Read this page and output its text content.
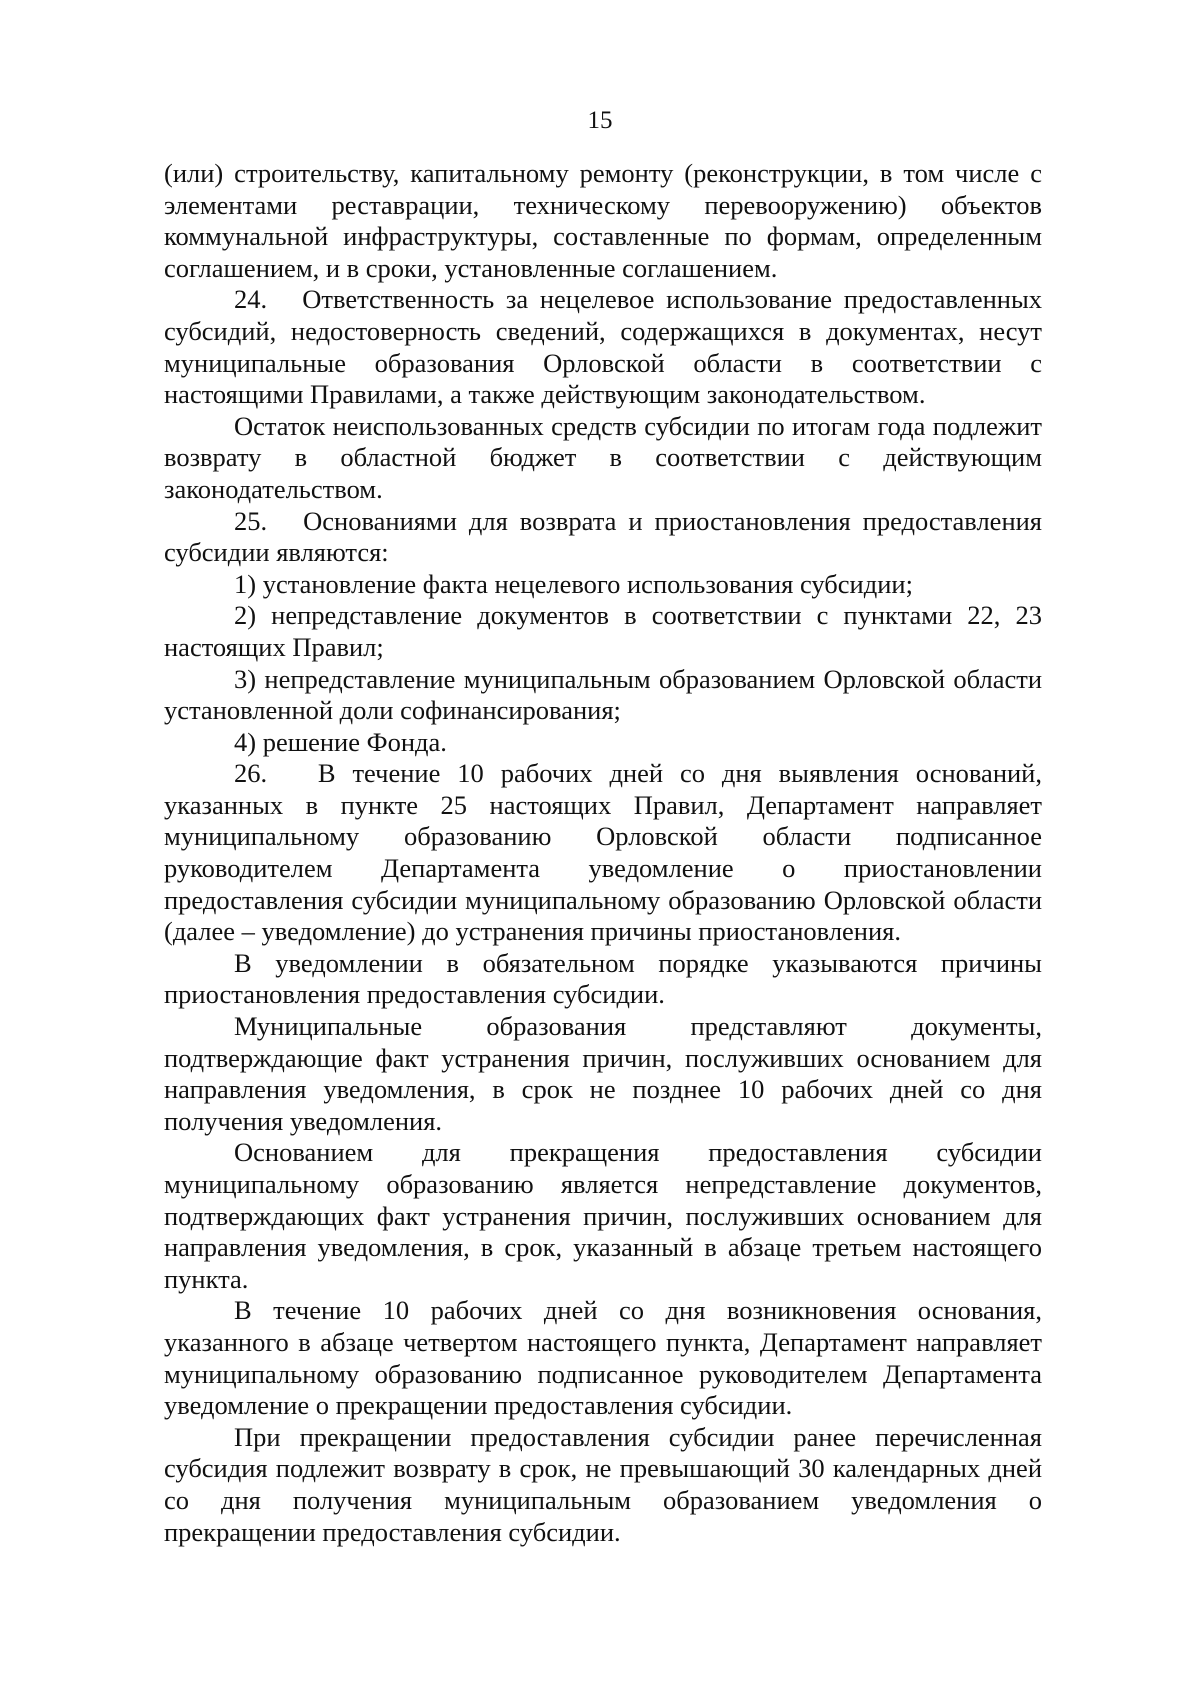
15

(или) строительству, капитальному ремонту (реконструкции, в том числе с элементами реставрации, техническому перевооружению) объектов коммунальной инфраструктуры, составленные по формам, определенным соглашением, и в сроки, установленные соглашением.

24.   Ответственность за нецелевое использование предоставленных субсидий, недостоверность сведений, содержащихся в документах, несут муниципальные образования Орловской области в соответствии с настоящими Правилами, а также действующим законодательством.

Остаток неиспользованных средств субсидии по итогам года подлежит возврату в областной бюджет в соответствии с действующим законодательством.

25.   Основаниями для возврата и приостановления предоставления субсидии являются:

1) установление факта нецелевого использования субсидии;

2) непредставление документов в соответствии с пунктами 22, 23 настоящих Правил;

3) непредставление муниципальным образованием Орловской области установленной доли софинансирования;

4) решение Фонда.

26.   В течение 10 рабочих дней со дня выявления оснований, указанных в пункте 25 настоящих Правил, Департамент направляет муниципальному образованию Орловской области подписанное руководителем Департамента уведомление о приостановлении предоставления субсидии муниципальному образованию Орловской области (далее – уведомление) до устранения причины приостановления.

В уведомлении в обязательном порядке указываются причины приостановления предоставления субсидии.

Муниципальные образования представляют документы, подтверждающие факт устранения причин, послуживших основанием для направления уведомления, в срок не позднее 10 рабочих дней со дня получения уведомления.

Основанием для прекращения предоставления субсидии муниципальному образованию является непредставление документов, подтверждающих факт устранения причин, послуживших основанием для направления уведомления, в срок, указанный в абзаце третьем настоящего пункта.

В течение 10 рабочих дней со дня возникновения основания, указанного в абзаце четвертом настоящего пункта, Департамент направляет муниципальному образованию подписанное руководителем Департамента уведомление о прекращении предоставления субсидии.

При прекращении предоставления субсидии ранее перечисленная субсидия подлежит возврату в срок, не превышающий 30 календарных дней со дня получения муниципальным образованием уведомления о прекращении предоставления субсидии.
